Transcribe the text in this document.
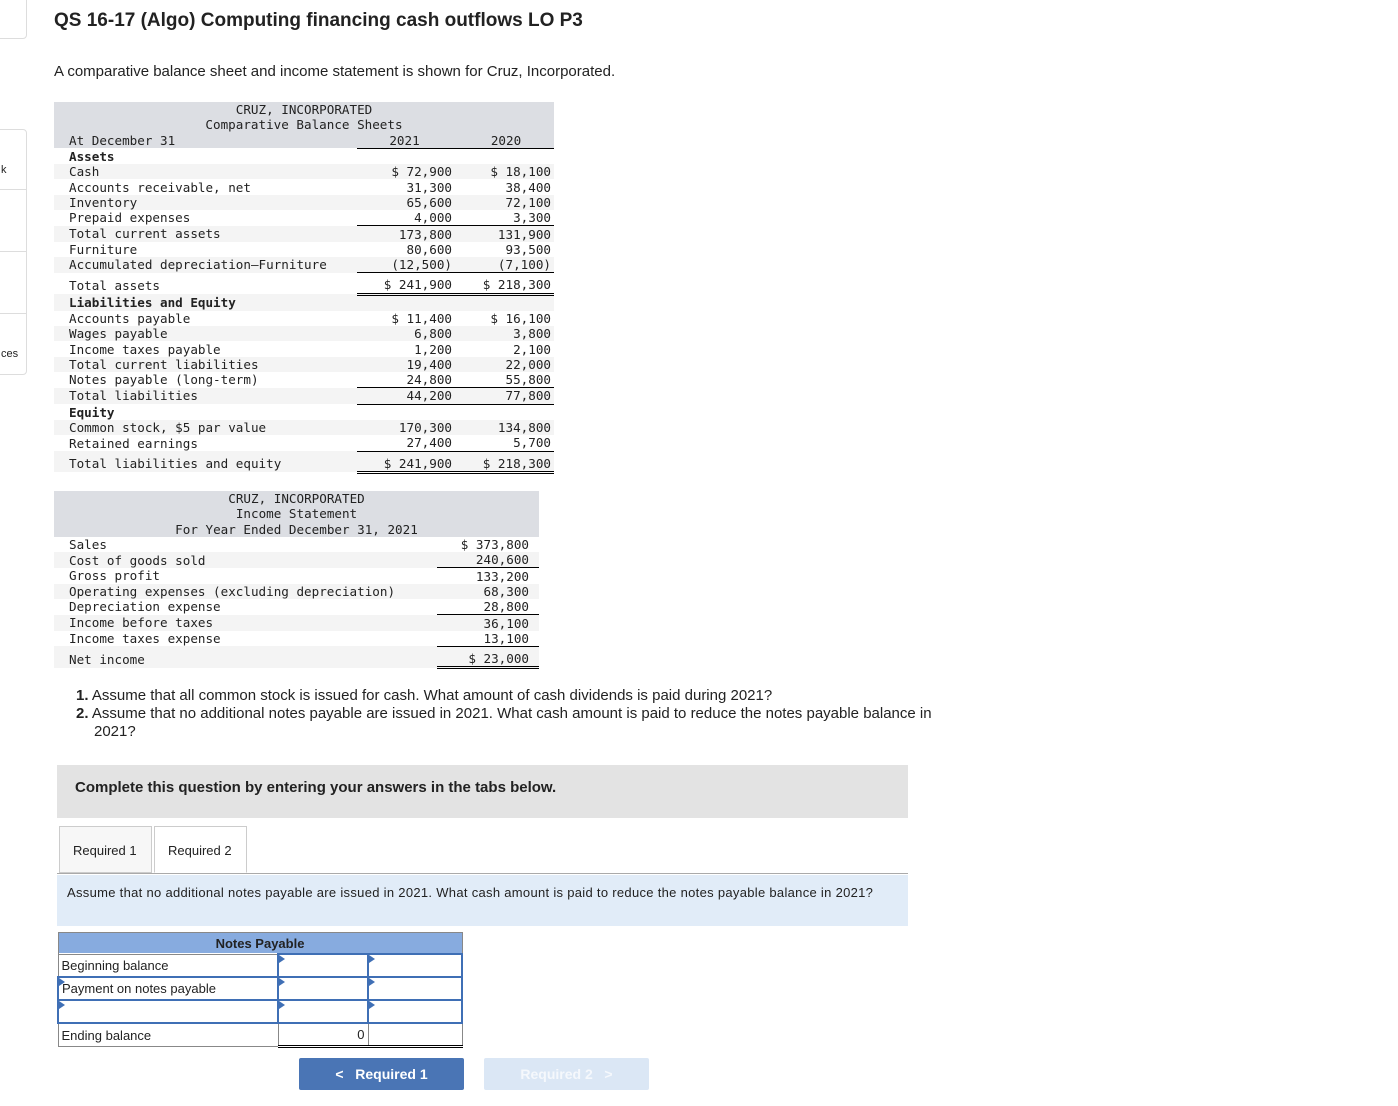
k
ces
QS 16-17 (Algo) Computing financing cash outflows LO P3
A comparative balance sheet and income statement is shown for Cruz, Incorporated.
CRUZ, INCORPORATED		
Comparative Balance Sheets		
At December 31	2021	2020
Assets		
Cash	$ 72,900	$ 18,100
Accounts receivable, net	31,300	38,400
Inventory	65,600	72,100
Prepaid expenses	4,000	3,300
Total current assets	173,800	131,900
Furniture	80,600	93,500
Accumulated depreciation—Furniture	(12,500)	(7,100)
Total assets	$ 241,900	$ 218,300
Liabilities and Equity		
Accounts payable	$ 11,400	$ 16,100
Wages payable	6,800	3,800
Income taxes payable	1,200	2,100
Total current liabilities	19,400	22,000
Notes payable (long-term)	24,800	55,800
Total liabilities	44,200	77,800
Equity		
Common stock, $5 par value	170,300	134,800
Retained earnings	27,400	5,700
Total liabilities and equity	$ 241,900	$ 218,300
CRUZ, INCORPORATED	
Income Statement	
For Year Ended December 31, 2021	
Sales	$ 373,800
Cost of goods sold	240,600
Gross profit	133,200
Operating expenses (excluding depreciation)	68,300
Depreciation expense	28,800
Income before taxes	36,100
Income taxes expense	13,100
Net income	$ 23,000
1. Assume that all common stock is issued for cash. What amount of cash dividends is paid during 2021?
2. Assume that no additional notes payable are issued in 2021. What cash amount is paid to reduce the notes payable balance in 2021?
Complete this question by entering your answers in the tabs below.
Required 1	Required 2
Assume that no additional notes payable are issued in 2021. What cash amount is paid to reduce the notes payable balance in 2021?
Notes Payable		
Beginning balance		
Payment on notes payable		

Ending balance	0	
< Required 1	Required 2 >
